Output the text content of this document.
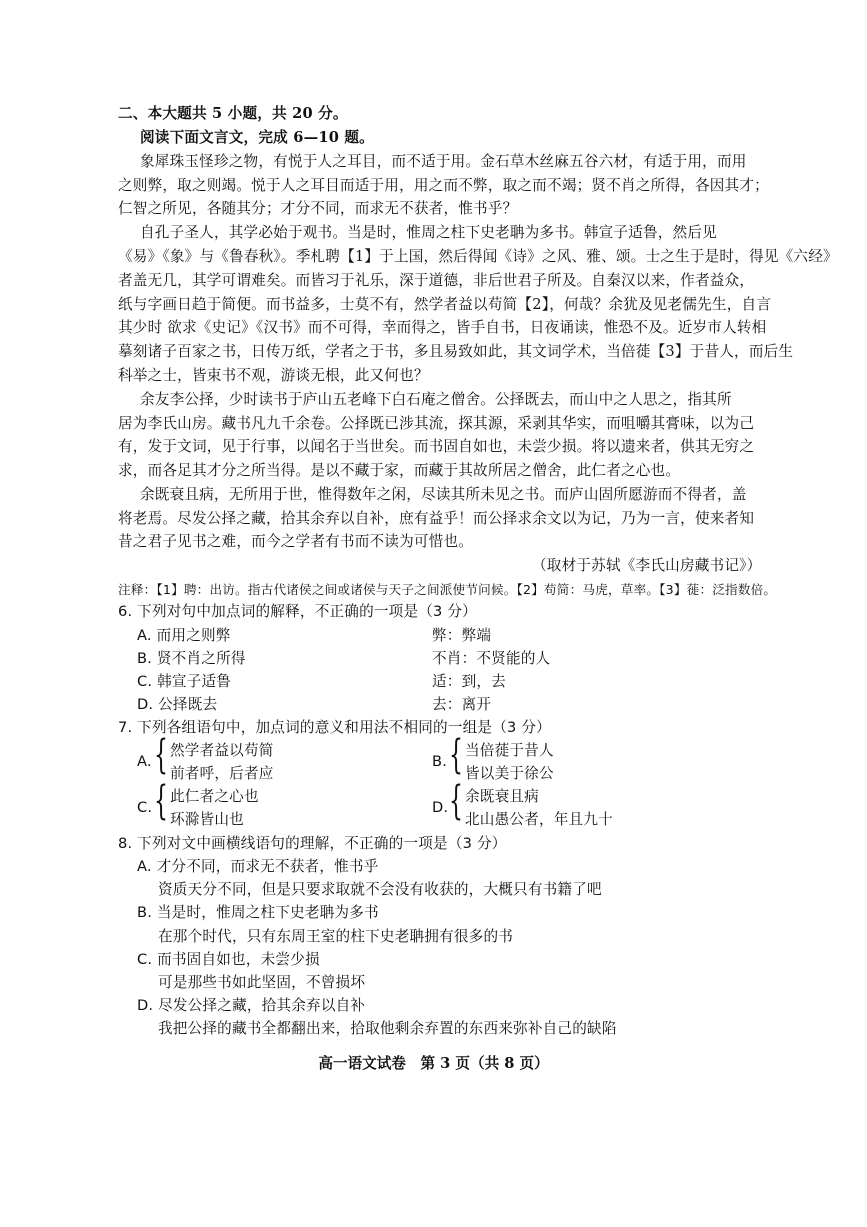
二、本大题共 5 小题，共 20 分。
阅读下面文言文，完成 6—10 题。
象犀珠玉怪珍之物，有悦于人之耳目，而不适于用。金石草木丝麻五谷六材，有适于用，而用
之则弊，取之则竭。悦于人之耳目而适于用，用之而不弊，取之而不竭；贤不肖之所得，各因其才；
仁智之所见，各随其分；才分不同，而求无不获者，惟书乎？
自孔子圣人，其学必始于观书。当是时，惟周之柱下史老聃为多书。韩宣子适鲁，然后见
《易》《象》与《鲁春秋》。季札聘【1】于上国，然后得闻《诗》之风、雅、颂。士之生于是时，得见《六经》
者盖无几，其学可谓难矣。而皆习于礼乐，深于道德，非后世君子所及。自秦汉以来，作者益众，
纸与字画日趋于简便。而书益多，士莫不有，然学者益以苟简【2】，何哉？余犹及见老儒先生，自言
其少时 欲求《史记》《汉书》而不可得，幸而得之，皆手自书，日夜诵读，惟恐不及。近岁市人转相
摹刻诸子百家之书，日传万纸，学者之于书，多且易致如此，其文词学术，当倍蓰【3】于昔人，而后生
科举之士，皆束书不观，游谈无根，此又何也？
余友李公择，少时读书于庐山五老峰下白石庵之僧舍。公择既去，而山中之人思之，指其所
居为李氏山房。藏书凡九千余卷。公择既已涉其流，探其源，采剥其华实，而咀嚼其膏味，以为己
有，发于文词，见于行事，以闻名于当世矣。而书固自如也，未尝少损。将以遗来者，供其无穷之
求，而各足其才分之所当得。是以不藏于家，而藏于其故所居之僧舍，此仁者之心也。
余既衰且病，无所用于世，惟得数年之闲，尽读其所未见之书。而庐山固所愿游而不得者，盖
将老焉。尽发公择之藏，拾其余弃以自补，庶有益乎！而公择求余文以为记，乃为一言，使来者知
昔之君子见书之难，而今之学者有书而不读为可惜也。
（取材于苏轼《李氏山房藏书记》）
注释：【1】聘：出访。指古代诸侯之间或诸侯与天子之间派使节问候。【2】苟简：马虎，草率。【3】蓰：泛指数倍。
6. 下列对句中加点词的解释，不正确的一项是（3 分）
A. 而用之则弊	弊：弊端
B. 贤不肖之所得	不肖：不贤能的人
C. 韩宣子适鲁	适：到，去
D. 公择既去	去：离开
7. 下列各组语句中，加点词的意义和用法不相同的一组是（3 分）
A. { 然学者益以苟简
前者呼，后者应
B. { 当倍蓰于昔人
皆以美于徐公
C. { 此仁者之心也
环滁皆山也
D. { 余既衰且病
北山愚公者，年且九十
8. 下列对文中画横线语句的理解，不正确的一项是（3 分）
A. 才分不同，而求无不获者，惟书乎
资质天分不同，但是只要求取就不会没有收获的，大概只有书籍了吧
B. 当是时，惟周之柱下史老聃为多书
在那个时代，只有东周王室的柱下史老聃拥有很多的书
C. 而书固自如也，未尝少损
可是那些书如此坚固，不曾损坏
D. 尽发公择之藏，拾其余弃以自补
我把公择的藏书全都翻出来，拾取他剩余弃置的东西来弥补自己的缺陷
高一语文试卷　第 3 页（共 8 页）
